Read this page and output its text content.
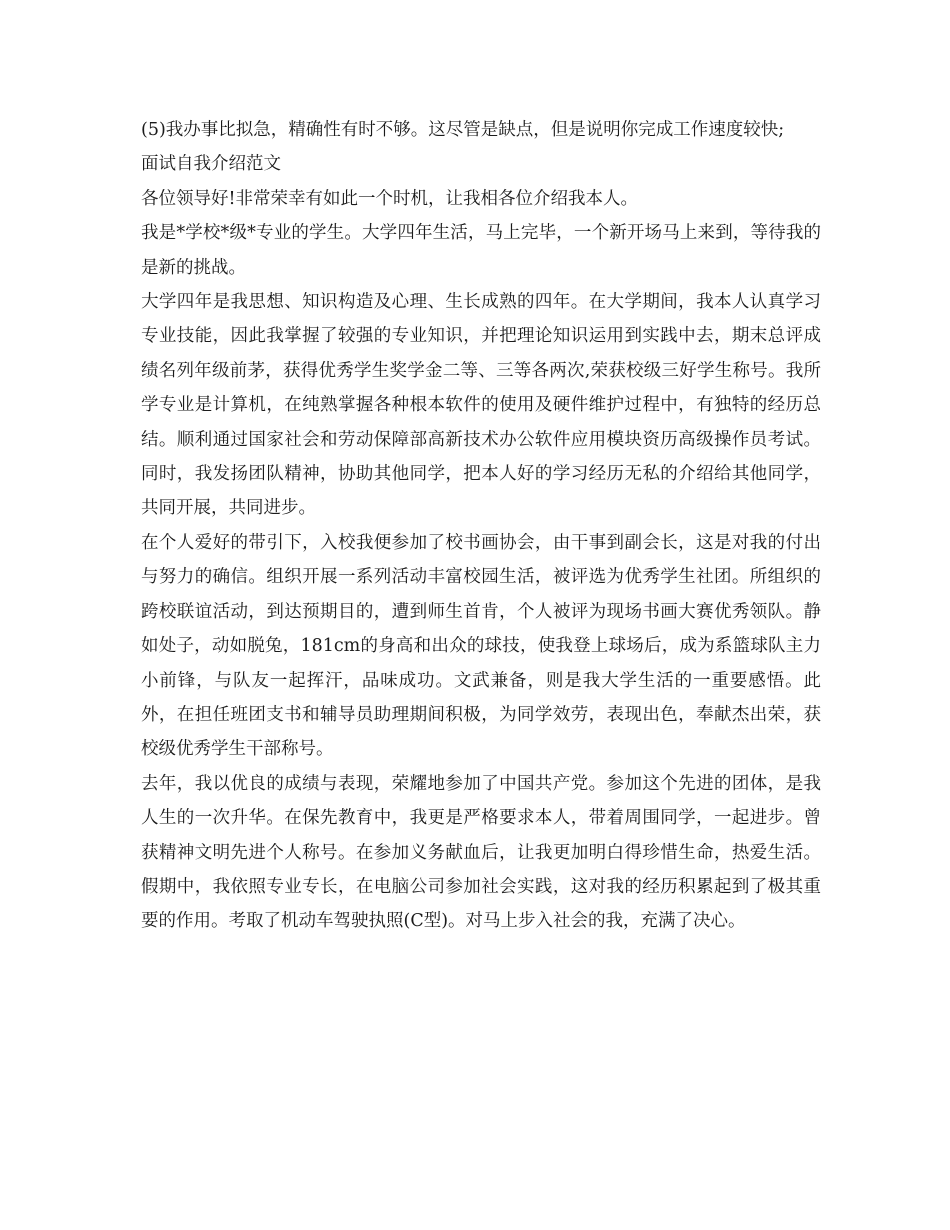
(5)我办事比拟急，精确性有时不够。这尽管是缺点，但是说明你完成工作速度较快;

面试自我介绍范文

各位领导好!非常荣幸有如此一个时机，让我相各位介绍我本人。

我是*学校*级*专业的学生。大学四年生活，马上完毕，一个新开场马上来到，等待我的是新的挑战。

大学四年是我思想、知识构造及心理、生长成熟的四年。在大学期间，我本人认真学习专业技能，因此我掌握了较强的专业知识，并把理论知识运用到实践中去，期末总评成绩名列年级前茅，获得优秀学生奖学金二等、三等各两次,荣获校级三好学生称号。我所学专业是计算机，在纯熟掌握各种根本软件的使用及硬件维护过程中，有独特的经历总结。顺利通过国家社会和劳动保障部高新技术办公软件应用模块资历高级操作员考试。同时，我发扬团队精神，协助其他同学，把本人好的学习经历无私的介绍给其他同学，共同开展，共同进步。

在个人爱好的带引下，入校我便参加了校书画协会，由干事到副会长，这是对我的付出与努力的确信。组织开展一系列活动丰富校园生活，被评选为优秀学生社团。所组织的跨校联谊活动，到达预期目的，遭到师生首肯，个人被评为现场书画大赛优秀领队。静如处子，动如脱兔，181cm的身高和出众的球技，使我登上球场后，成为系篮球队主力小前锋，与队友一起挥汗，品味成功。文武兼备，则是我大学生活的一重要感悟。此外，在担任班团支书和辅导员助理期间积极，为同学效劳，表现出色，奉献杰出荣，获校级优秀学生干部称号。

去年，我以优良的成绩与表现，荣耀地参加了中国共产党。参加这个先进的团体，是我人生的一次升华。在保先教育中，我更是严格要求本人，带着周围同学，一起进步。曾获精神文明先进个人称号。在参加义务献血后，让我更加明白得珍惜生命，热爱生活。假期中，我依照专业专长，在电脑公司参加社会实践，这对我的经历积累起到了极其重要的作用。考取了机动车驾驶执照(C型)。对马上步入社会的我，充满了决心。
